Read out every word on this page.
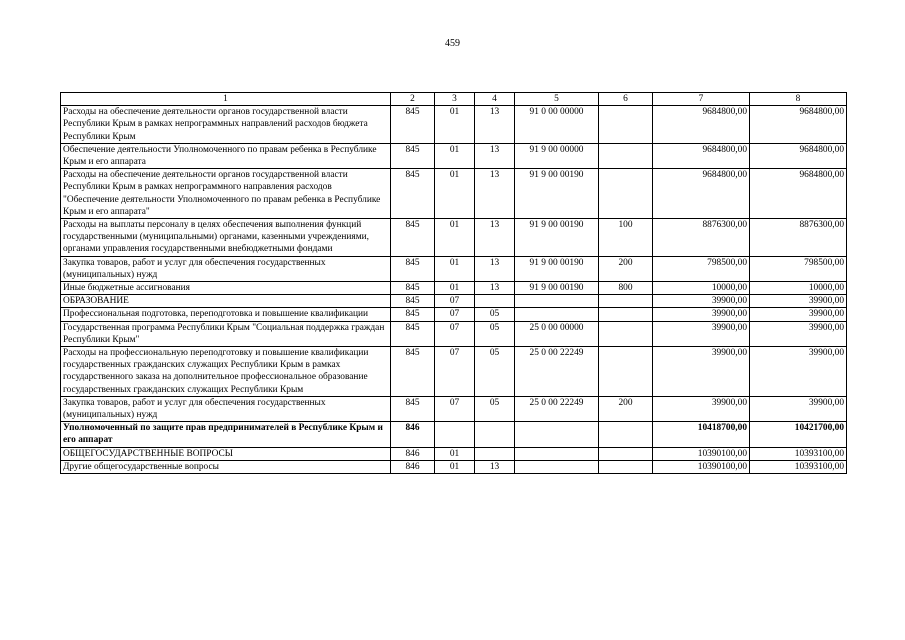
459
1	2	3	4	5	6	7	8
Расходы на обеспечение деятельности органов государственной власти Республики Крым в рамках непрограммных направлений расходов бюджета Республики Крым	845	01	13	91 0 00 00000		9684800,00	9684800,00
Обеспечение деятельности Уполномоченного по правам ребенка в Республике Крым и его аппарата	845	01	13	91 9 00 00000		9684800,00	9684800,00
Расходы на обеспечение деятельности органов государственной власти Республики Крым в рамках непрограммного направления расходов "Обеспечение деятельности Уполномоченного по правам ребенка в Республике Крым и его аппарата"	845	01	13	91 9 00 00190		9684800,00	9684800,00
Расходы на выплаты персоналу в целях обеспечения выполнения функций государственными (муниципальными) органами, казенными учреждениями, органами управления государственными внебюджетными фондами	845	01	13	91 9 00 00190	100	8876300,00	8876300,00
Закупка товаров, работ и услуг для обеспечения государственных (муниципальных) нужд	845	01	13	91 9 00 00190	200	798500,00	798500,00
Иные бюджетные ассигнования	845	01	13	91 9 00 00190	800	10000,00	10000,00
ОБРАЗОВАНИЕ	845	07				39900,00	39900,00
Профессиональная подготовка, переподготовка и повышение квалификации	845	07	05			39900,00	39900,00
Государственная программа Республики Крым "Социальная поддержка граждан Республики Крым"	845	07	05	25 0 00 00000		39900,00	39900,00
Расходы на профессиональную переподготовку и повышение квалификации государственных гражданских служащих Республики Крым в рамках государственного заказа на дополнительное профессиональное образование государственных гражданских служащих Республики Крым	845	07	05	25 0 00 22249		39900,00	39900,00
Закупка товаров, работ и услуг для обеспечения государственных (муниципальных) нужд	845	07	05	25 0 00 22249	200	39900,00	39900,00
Уполномоченный по защите прав предпринимателей в Республике Крым и его аппарат	846					10418700,00	10421700,00
ОБЩЕГОСУДАРСТВЕННЫЕ ВОПРОСЫ	846	01				10390100,00	10393100,00
Другие общегосударственные вопросы	846	01	13			10390100,00	10393100,00
